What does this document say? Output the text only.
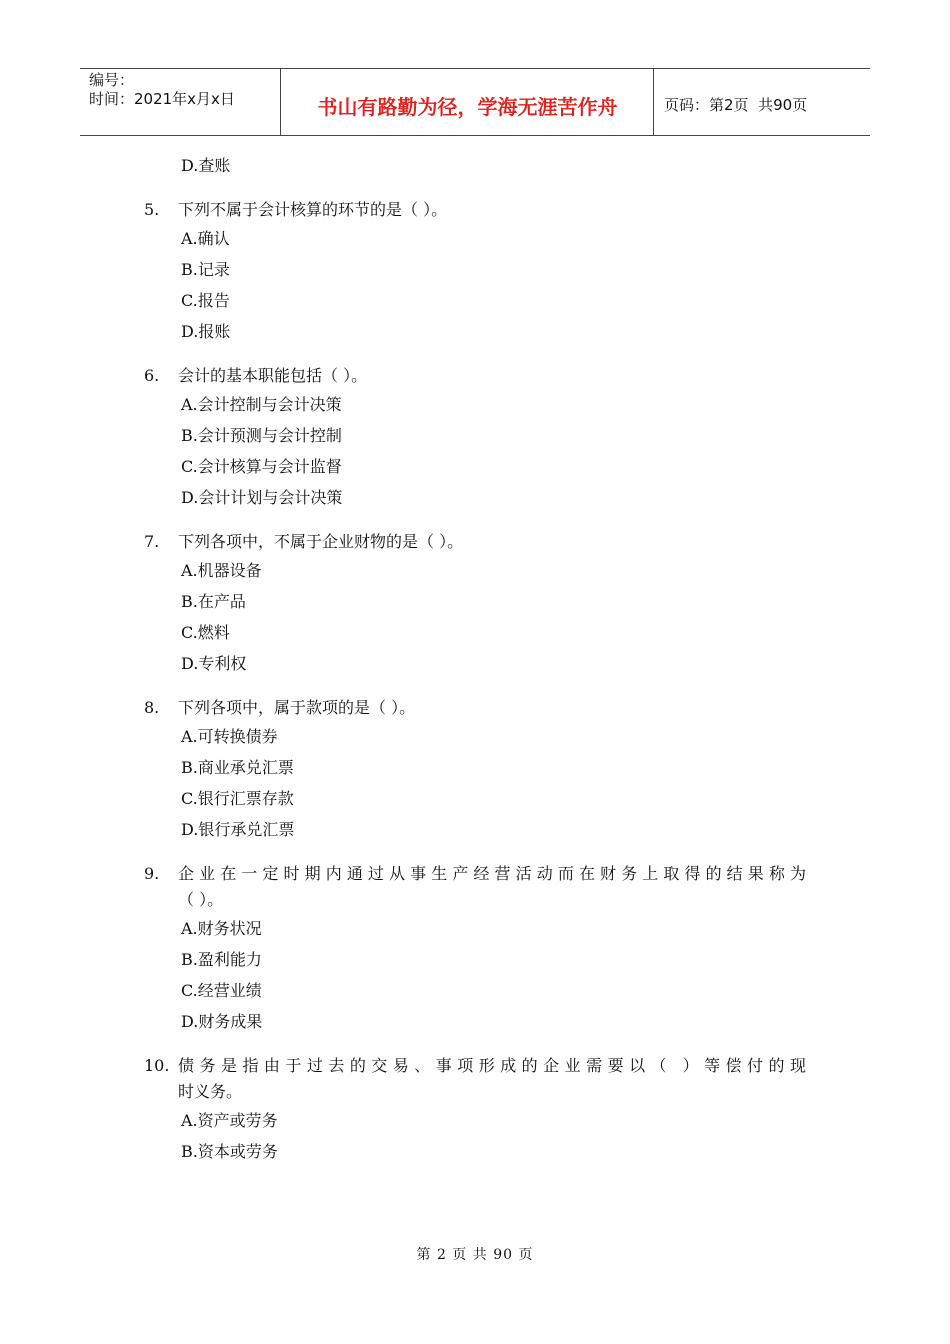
编号：
时间：2021年x月x日	书山有路勤为径，学海无涯苦作舟	页码：第2页  共90页
D.查账
5. 下列不属于会计核算的环节的是（ ）。
A.确认
B.记录
C.报告
D.报账
6. 会计的基本职能包括（ ）。
A.会计控制与会计决策
B.会计预测与会计控制
C.会计核算与会计监督
D.会计计划与会计决策
7. 下列各项中，不属于企业财物的是（ ）。
A.机器设备
B.在产品
C.燃料
D.专利权
8. 下列各项中，属于款项的是（ ）。
A.可转换债券
B.商业承兑汇票
C.银行汇票存款
D.银行承兑汇票
9. 企业在一定时期内通过从事生产经营活动而在财务上取得的结果称为
（ ）。
A.财务状况
B.盈利能力
C.经营业绩
D.财务成果
10. 债务是指由于过去的交易、事项形成的企业需要以（ ）等偿付的现
时义务。
A.资产或劳务
B.资本或劳务
第 2 页 共 90 页
